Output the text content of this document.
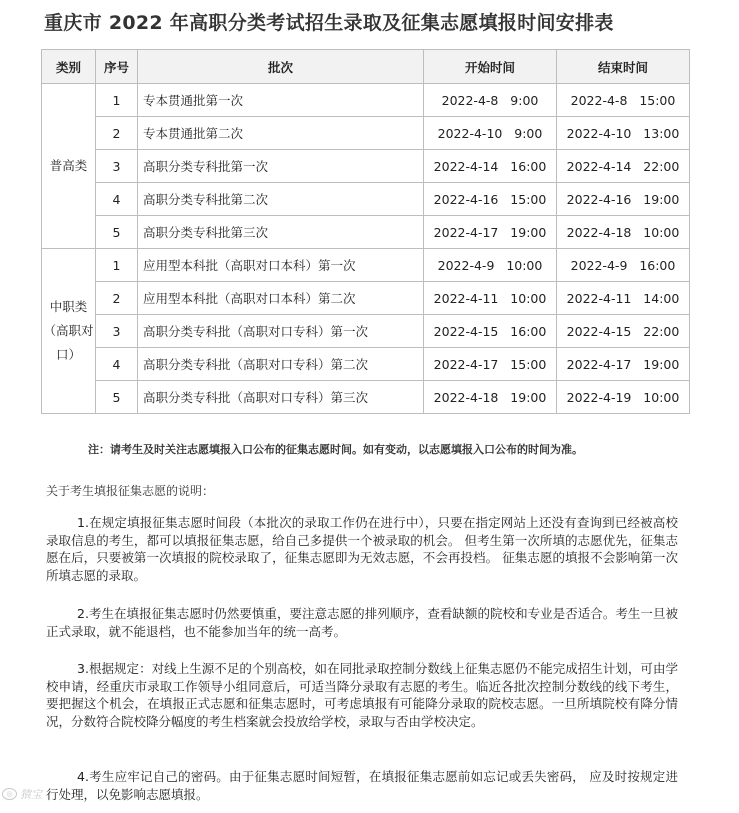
重庆市 2022 年高职分类考试招生录取及征集志愿填报时间安排表
类别	序号	批次	开始时间	结束时间
普高类	1	专本贯通批第一次	2022-4-8   9:00	2022-4-8   15:00
	2	专本贯通批第二次	2022-4-10   9:00	2022-4-10   13:00
	3	高职分类专科批第一次	2022-4-14   16:00	2022-4-14   22:00
	4	高职分类专科批第二次	2022-4-16   15:00	2022-4-16   19:00
	5	高职分类专科批第三次	2022-4-17   19:00	2022-4-18   10:00
中职类（高职对口）	1	应用型本科批（高职对口本科）第一次	2022-4-9   10:00	2022-4-9   16:00
	2	应用型本科批（高职对口本科）第二次	2022-4-11   10:00	2022-4-11   14:00
	3	高职分类专科批（高职对口专科）第一次	2022-4-15   16:00	2022-4-15   22:00
	4	高职分类专科批（高职对口专科）第二次	2022-4-17   15:00	2022-4-17   19:00
	5	高职分类专科批（高职对口专科）第三次	2022-4-18   19:00	2022-4-19   10:00
注：请考生及时关注志愿填报入口公布的征集志愿时间。如有变动，以志愿填报入口公布的时间为准。
关于考生填报征集志愿的说明：
1.在规定填报征集志愿时间段（本批次的录取工作仍在进行中），只要在指定网站上还没有查询到已经被高校录取信息的考生，都可以填报征集志愿，给自己多提供一个被录取的机会。 但考生第一次所填的志愿优先，征集志愿在后，只要被第一次填报的院校录取了，征集志愿即为无效志愿，不会再投档。 征集志愿的填报不会影响第一次所填志愿的录取。
2.考生在填报征集志愿时仍然要慎重，要注意志愿的排列顺序，查看缺额的院校和专业是否适合。考生一旦被正式录取，就不能退档，也不能参加当年的统一高考。
3.根据规定：对线上生源不足的个别高校，如在同批录取控制分数线上征集志愿仍不能完成招生计划，可由学校申请，经重庆市录取工作领导小组同意后，可适当降分录取有志愿的考生。临近各批次控制分数线的线下考生，要把握这个机会，在填报正式志愿和征集志愿时，可考虑填报有可能降分录取的院校志愿。一旦所填院校有降分情况，分数符合院校降分幅度的考生档案就会投放给学校，录取与否由学校决定。
4.考生应牢记自己的密码。由于征集志愿时间短暂，在填报征集志愿前如忘记或丢失密码， 应及时按规定进行处理，以免影响志愿填报。
◎ 猿宝
